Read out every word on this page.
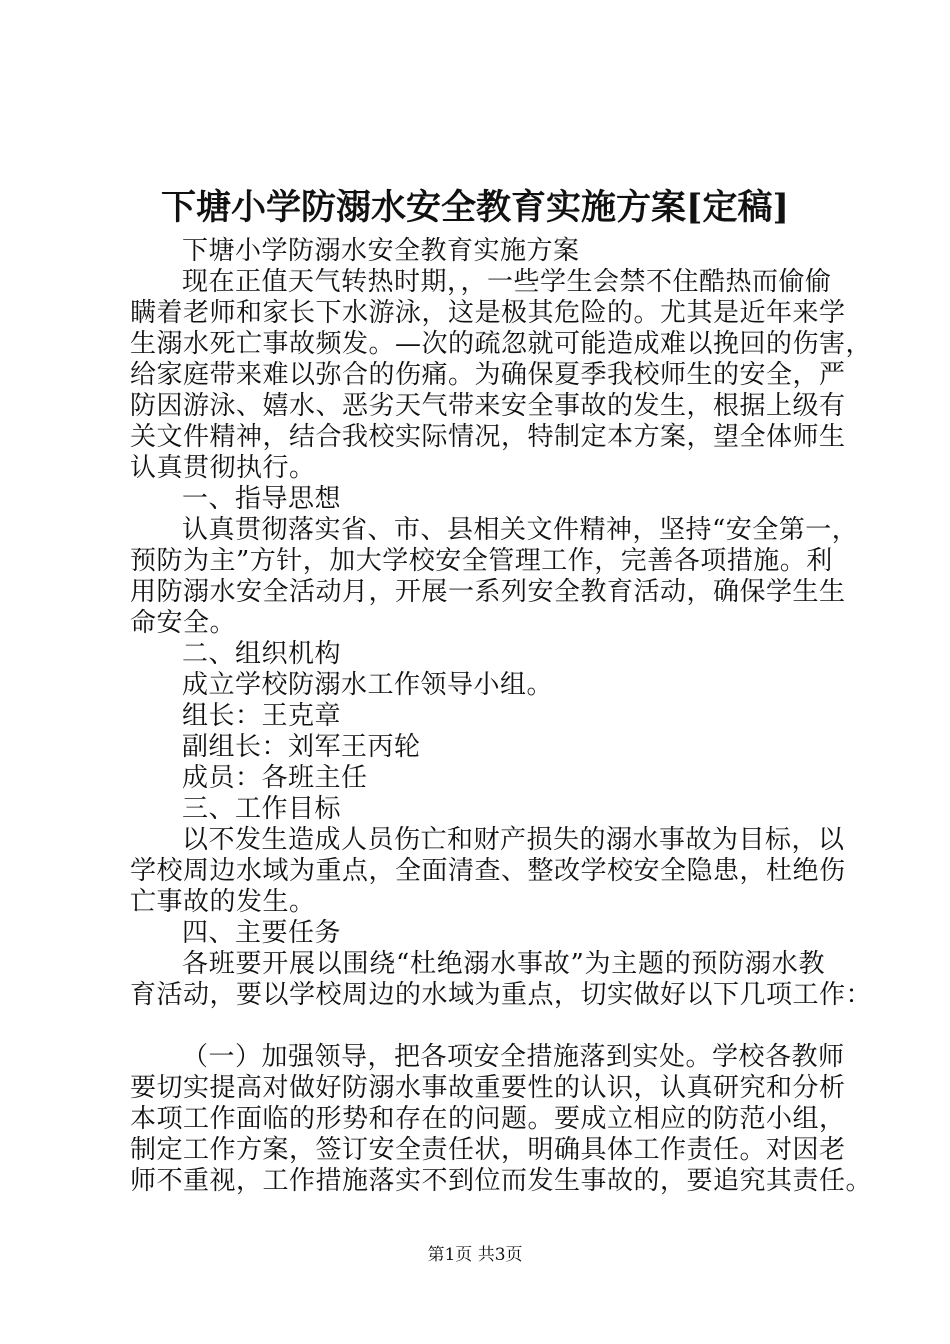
下塘小学防溺水安全教育实施方案[定稿]
下塘小学防溺水安全教育实施方案
现在正值天气转热时期，，一些学生会禁不住酷热而偷偷
瞒着老师和家长下水游泳，这是极其危险的。尤其是近年来学
生溺水死亡事故频发。—次的疏忽就可能造成难以挽回的伤害，
给家庭带来难以弥合的伤痛。为确保夏季我校师生的安全，严
防因游泳、嬉水、恶劣天气带来安全事故的发生，根据上级有
关文件精神，结合我校实际情况，特制定本方案，望全体师生
认真贯彻执行。
一、指导思想
认真贯彻落实省、市、县相关文件精神，坚持“安全第一，
预防为主”方针，加大学校安全管理工作，完善各项措施。利
用防溺水安全活动月，开展一系列安全教育活动，确保学生生
命安全。
二、组织机构
成立学校防溺水工作领导小组。
组长：王克章
副组长：刘军王丙轮
成员：各班主任
三、工作目标
以不发生造成人员伤亡和财产损失的溺水事故为目标，以
学校周边水域为重点，全面清查、整改学校安全隐患，杜绝伤
亡事故的发生。
四、主要任务
各班要开展以围绕“杜绝溺水事故”为主题的预防溺水教
育活动，要以学校周边的水域为重点，切实做好以下几项工作：
（一）加强领导，把各项安全措施落到实处。学校各教师
要切实提高对做好防溺水事故重要性的认识，认真研究和分析
本项工作面临的形势和存在的问题。要成立相应的防范小组，
制定工作方案，签订安全责任状，明确具体工作责任。对因老
师不重视，工作措施落实不到位而发生事故的，要追究其责任。
第1页 共3页
